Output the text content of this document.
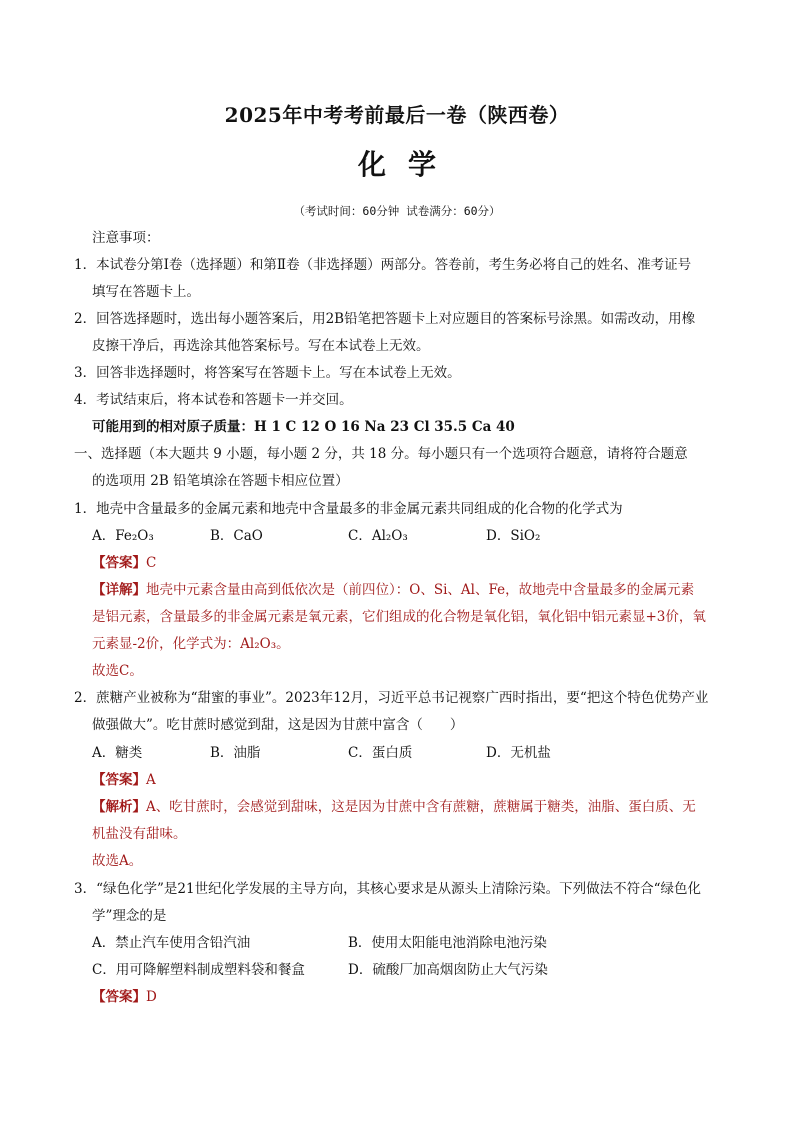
2025年中考考前最后一卷（陕西卷）
化学
（考试时间：60分钟 试卷满分：60分）
注意事项：
1．本试卷分第Ⅰ卷（选择题）和第Ⅱ卷（非选择题）两部分。答卷前，考生务必将自己的姓名、准考证号
填写在答题卡上。
2．回答选择题时，选出每小题答案后，用2B铅笔把答题卡上对应题目的答案标号涂黑。如需改动，用橡
皮擦干净后，再选涂其他答案标号。写在本试卷上无效。
3．回答非选择题时，将答案写在答题卡上。写在本试卷上无效。
4．考试结束后，将本试卷和答题卡一并交回。
可能用到的相对原子质量：H 1 C 12 O 16 Na 23 Cl 35.5 Ca 40
一、选择题（本大题共 9 小题，每小题 2 分，共 18 分。每小题只有一个选项符合题意，请将符合题意
的选项用 2B 铅笔填涂在答题卡相应位置）
1．地壳中含量最多的金属元素和地壳中含量最多的非金属元素共同组成的化合物的化学式为
A．Fe₂O₃	B．CaO	C．Al₂O₃	D．SiO₂
【答案】C
【详解】地壳中元素含量由高到低依次是（前四位）：O、Si、Al、Fe，故地壳中含量最多的金属元素
是铝元素，含量最多的非金属元素是氧元素，它们组成的化合物是氧化铝，氧化铝中铝元素显+3价，氧
元素显-2价，化学式为：Al₂O₃。
故选C。
2．蔗糖产业被称为“甜蜜的事业”。2023年12月，习近平总书记视察广西时指出，要“把这个特色优势产业
做强做大”。吃甘蔗时感觉到甜，这是因为甘蔗中富含（　　）
A．糖类	B．油脂	C．蛋白质	D．无机盐
【答案】A
【解析】A、吃甘蔗时，会感觉到甜味，这是因为甘蔗中含有蔗糖，蔗糖属于糖类，油脂、蛋白质、无
机盐没有甜味。
故选A。
3．“绿色化学”是21世纪化学发展的主导方向，其核心要求是从源头上清除污染。下列做法不符合“绿色化
学”理念的是
A．禁止汽车使用含铅汽油	B．使用太阳能电池消除电池污染
C．用可降解塑料制成塑料袋和餐盒	D．硫酸厂加高烟囱防止大气污染
【答案】D
